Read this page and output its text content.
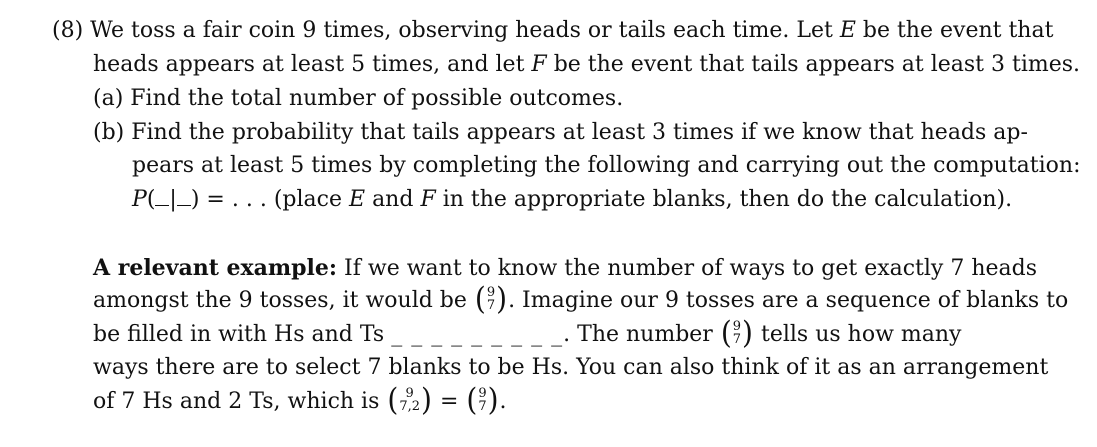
(8) We toss a fair coin 9 times, observing heads or tails each time. Let E be the event that
heads appears at least 5 times, and let F be the event that tails appears at least 3 times.
(a) Find the total number of possible outcomes.
(b) Find the probability that tails appears at least 3 times if we know that heads ap-
pears at least 5 times by completing the following and carrying out the computation:
P( | ) = . . . (place E and F in the appropriate blanks, then do the calculation).
A relevant example: If we want to know the number of ways to get exactly 7 heads
amongst the 9 tosses, it would be ( 9
7 ) . Imagine our 9 tosses are a sequence of blanks to
be filled in with Hs and Ts _ _ _ _ _ _ _ _ _. The number ( 9
7 ) tells us how many
ways there are to select 7 blanks to be Hs. You can also think of it as an arrangement
of 7 Hs and 2 Ts, which is ( 9
7,2 ) = ( 9
7 ) .
